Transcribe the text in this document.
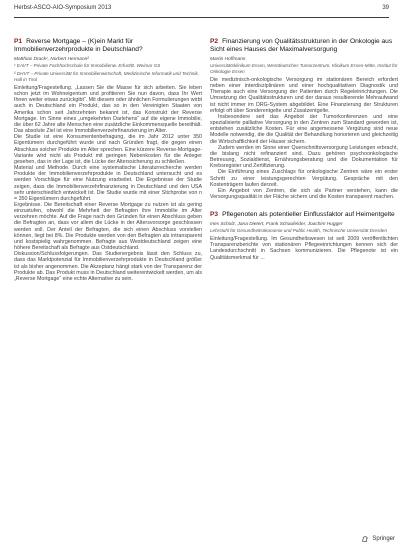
Herbst-ASCO-AIO-Symposium 2013	39
P1 Reverse Mortgage – (K)ein Markt für Immobilienverzehrprodukte in Deutschland?
Matthias Drack¹, Norbert Hermann²
¹ EAVT – Private Fachhochschule für Immobilienw. Erfurt/B. Weimar GS
² DHVT – Private Universität für Immobilienwirtschaft, Medizinische Informatik und Technik, Hall in Tirol

Einleitung/Fragestellung. „Lassen Sie die Masse für sich arbeiten. Sie leben schon jetzt im Wohneigentum und profitieren Sie nun davon, dass Ihr Wert Ihnen weiter etwas zurückgibt“. Mit diesem oder ähnlichen Formulierungen wirbt auch in Deutschland ein Produkt, das so in den Vereinigten Staaten von Amerika schon seit Jahrzehnten bekannt ist, das Konstrukt der Reverse Mortgage. Im Sinne eines „umgekehrten Darlehens“ auf die eigene Immobilie, die über 62 Jahre alte Menschen eine zusätzliche Einkommensquelle bereithält. Das absolute Ziel ist eine Immobilienverzehrfinanzierung im Alter.

Die Studie ist eine Konsumentenbefragung, die im Jahr 2012 unter 350 Eigentümern durchgeführt wurde und nach Gründen fragt, die gegen einen Abschluss solcher Produkte im Alter sprechen. Eine kürzere Reverse-Mortgage-Variante wird nicht als Produkt mit geringen Nebenkosten für die Anleger gesehen, das in der Lage ist, die Lücke der Alterssicherung zu schließen.

Material und Methode. Durch eine systematische Literaturrecherche werden Produkte der Immobilienverzehrprodukte in Deutschland untersucht und es werden Vorschläge für eine Nutzung erarbeitet. Die Ergebnisse der Studie zeigen, dass die Immobilienverzehrfinanzierung in Deutschland und den USA sehr unterschiedlich entwickelt ist. Die Studie wurde mit einer Stichprobe von n = 350 Eigentümern durchgeführt.

Ergebnisse. Die Bereitschaft einer Reverse Mortgage zu nutzen ist als gering einzustufen, obwohl die Mehrheit der Befragten ihre Immobilie im Alter verzehren möchte. Auf die Frage nach den Gründen für einen Abschluss geben die Befragten an, dass vor allem die Lücke in der Altersvorsorge geschlossen werden soll. Der Anteil der Befragten, die sich einen Abschluss vorstellen können, liegt bei 8%. Die Produkte werden von den Befragten als intransparent und kostspielig wahrgenommen. Befragte aus Westdeutschland zeigen eine höhere Bereitschaft als Befragte aus Ostdeutschland.

Diskussion/Schlussfolgerungen. Das Studienergebnis lässt den Schluss zu, dass das Marktpotenzial für Immobilienverzehrprodukte in Deutschland größer ist als bisher angenommen. Die Akzeptanz hängt stark von der Transparenz der Produkte ab. Das Produkt muss in Deutschland weiterentwickelt werden, um als „Reverse Mortgage“ eine echte Alternative zu sein.

P2 Finanzierung von Qualitätsstrukturen in der Onkologie aus Sicht eines Hauses der Maximalversorgung
Martin Hoffmann
Universitätsklinikum Essen, Westdeutsches Tumorzentrum, Klinikum Essen-Mitte, Institut für Onkologie Essen

Die medizinisch-onkologische Versorgung im stationären Bereich erfordert neben einer interdisziplinären und einer hochqualitativen Diagnostik und Therapie auch eine Versorgung der Patienten durch Regeleinrichtungen. Die Umsetzung der Qualitätsstrukturen und der daraus resultierende Mehraufwand ist nicht immer im DRG-System abgebildet. Eine Finanzierung der Strukturen erfolgt oft über Sonderentgelte und Zusatzentgelte.

Insbesondere seit das Angebot der Tumorkonferenzen und eine spezialisierte palliative Versorgung in den Zentren zum Standard geworden ist, entstehen zusätzliche Kosten. Für eine angemessene Vergütung sind neue Modelle notwendig, die die Qualität der Behandlung honorieren und gleichzeitig die Wirtschaftlichkeit der Häuser sichern.

Zudem werden im Sinne einer Querschnittsversorgung Leistungen erbracht, die bislang nicht refinanziert sind. Dazu gehören psychoonkologische Betreuung, Sozialdienst, Ernährungsberatung und die Dokumentation für Krebsregister und Zertifizierung.

Die Einführung eines Zuschlags für onkologische Zentren wäre ein erster Schritt zu einer leistungsgerechten Vergütung. Gespräche mit den Kostenträgern laufen derzeit.

Ein Angebot von Zentren, die sich als Partner verstehen, kann die Versorgungsqualität in der Fläche sichern und die Kosten transparent machen.

P3 Pflegenoten als potentieller Einflussfaktor auf Heimentgelte
Ines Scholz, Jana Dietert, Frank Schaufelder, Joachim Hugger
Lehrstuhl für Gesundheitsökonomie und Public Health, Technische Universität Dresden

Einleitung/Fragestellung. Im Gesundheitswesen ist seit 2009 veröffentlichten Transparenzberichte von stationären Pflegeeinrichtungen kennen sich der Landesdurchschnitt in Sachsen kommunizieren. Die Pflegenote ist ein Qualitätsmerkmal für ...

Springer
